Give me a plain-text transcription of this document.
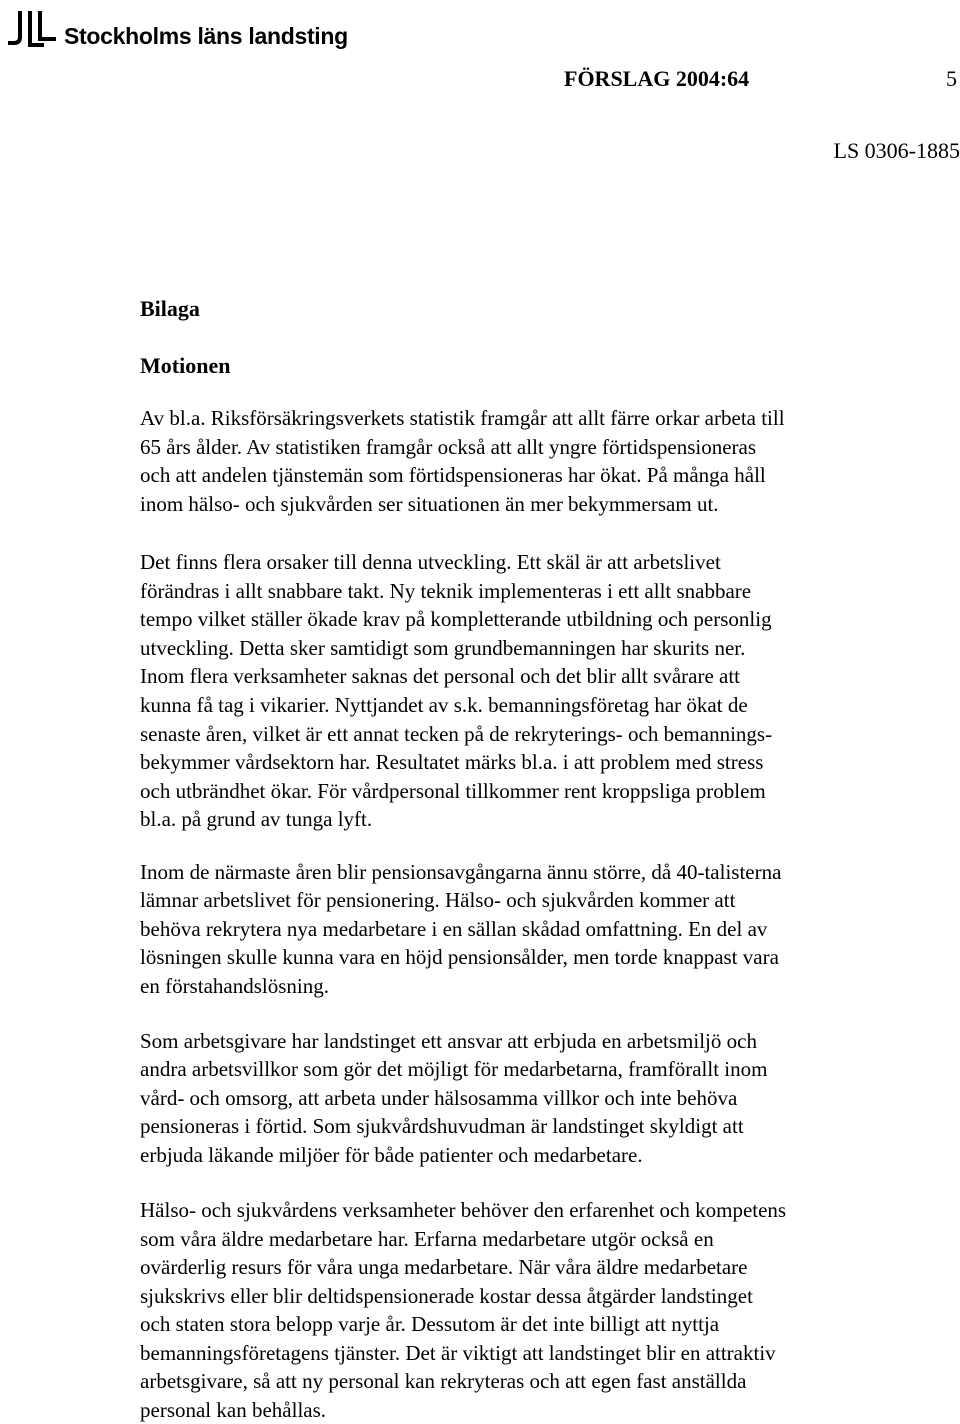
Stockholms läns landsting
FÖRSLAG 2004:64	5
LS 0306-1885
Bilaga
Motionen
Av bl.a. Riksförsäkringsverkets statistik framgår att allt färre orkar arbeta till
65 års ålder. Av statistiken framgår också att allt yngre förtidspensioneras
och att andelen tjänstemän som förtidspensioneras har ökat. På många håll
inom hälso- och sjukvården ser situationen än mer bekymmersam ut.
Det finns flera orsaker till denna utveckling. Ett skäl är att arbetslivet
förändras i allt snabbare takt. Ny teknik implementeras i ett allt snabbare
tempo vilket ställer ökade krav på kompletterande utbildning och personlig
utveckling. Detta sker samtidigt som grundbemanningen har skurits ner.
Inom flera verksamheter saknas det personal och det blir allt svårare att
kunna få tag i vikarier. Nyttjandet av s.k. bemanningsföretag har ökat de
senaste åren, vilket är ett annat tecken på de rekryterings- och bemannings-
bekymmer vårdsektorn har. Resultatet märks bl.a. i att problem med stress
och utbrändhet ökar. För vårdpersonal tillkommer rent kroppsliga problem
bl.a. på grund av tunga lyft.
Inom de närmaste åren blir pensionsavgångarna ännu större, då 40-talisterna
lämnar arbetslivet för pensionering. Hälso- och sjukvården kommer att
behöva rekrytera nya medarbetare i en sällan skådad omfattning. En del av
lösningen skulle kunna vara en höjd pensionsålder, men torde knappast vara
en förstahandslösning.
Som arbetsgivare har landstinget ett ansvar att erbjuda en arbetsmiljö och
andra arbetsvillkor som gör det möjligt för medarbetarna, framförallt inom
vård- och omsorg, att arbeta under hälsosamma villkor och inte behöva
pensioneras i förtid. Som sjukvårdshuvudman är landstinget skyldigt att
erbjuda läkande miljöer för både patienter och medarbetare.
Hälso- och sjukvårdens verksamheter behöver den erfarenhet och kompetens
som våra äldre medarbetare har. Erfarna medarbetare utgör också en
ovärderlig resurs för våra unga medarbetare. När våra äldre medarbetare
sjukskrivs eller blir deltidspensionerade kostar dessa åtgärder landstinget
och staten stora belopp varje år. Dessutom är det inte billigt att nyttja
bemanningsföretagens tjänster. Det är viktigt att landstinget blir en attraktiv
arbetsgivare, så att ny personal kan rekryteras och att egen fast anställda
personal kan behållas.
